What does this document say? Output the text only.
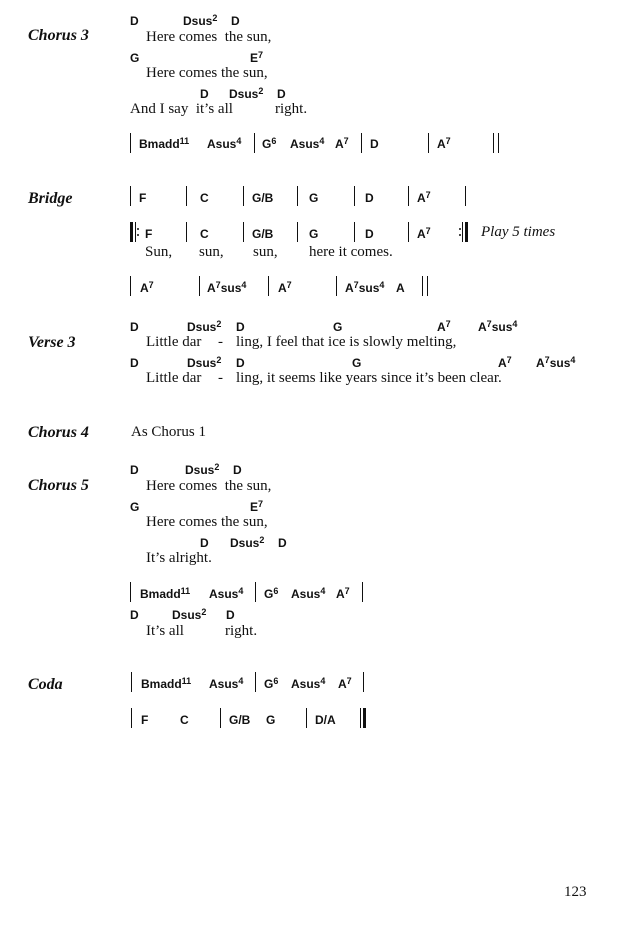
Chorus 3
D	Dsus$^2$ D
Here comes  the sun,
G	$E^7$
Here comes the sun,
D Dsus$^2$ D
And I say  it’s all	right.
Bmadd$^{11}$ Asus$^4$ $G^6$ Asus$^4$ $A^7$ D	$A^7$
Bridge	F	C	G/B	G	D	$A^7$
F	C	G/B	G	D	$A^7$	Play 5 times
Sun, sun, sun, here it comes.
$A^7$	$A^7sus^4$	$A^7$	$A^7sus^4$ A
Verse 3
D	Dsus$^2$ D	G	$A^7$ $A^7sus^4$
Little dar - ling, I feel that ice is slowly melting,
D	Dsus$^2$ D	G	$A^7$ $A^7sus^4$
Little dar - ling, it seems like years since it’s been clear.
Chorus 4	As Chorus 1
Chorus 5
D	Dsus$^2$ D
Here comes  the sun,
G	$E^7$
Here comes the sun,
D Dsus$^2$ D
It’s alright.
Bmadd$^{11}$ Asus$^4$ $G^6$ Asus$^4$ $A^7$
D	Dsus$^2$ D
It’s all	right.
Coda	Bmadd$^{11}$ Asus$^4$ $G^6$ Asus$^4$ $A^7$
F	C	G/B G	D/A
123
